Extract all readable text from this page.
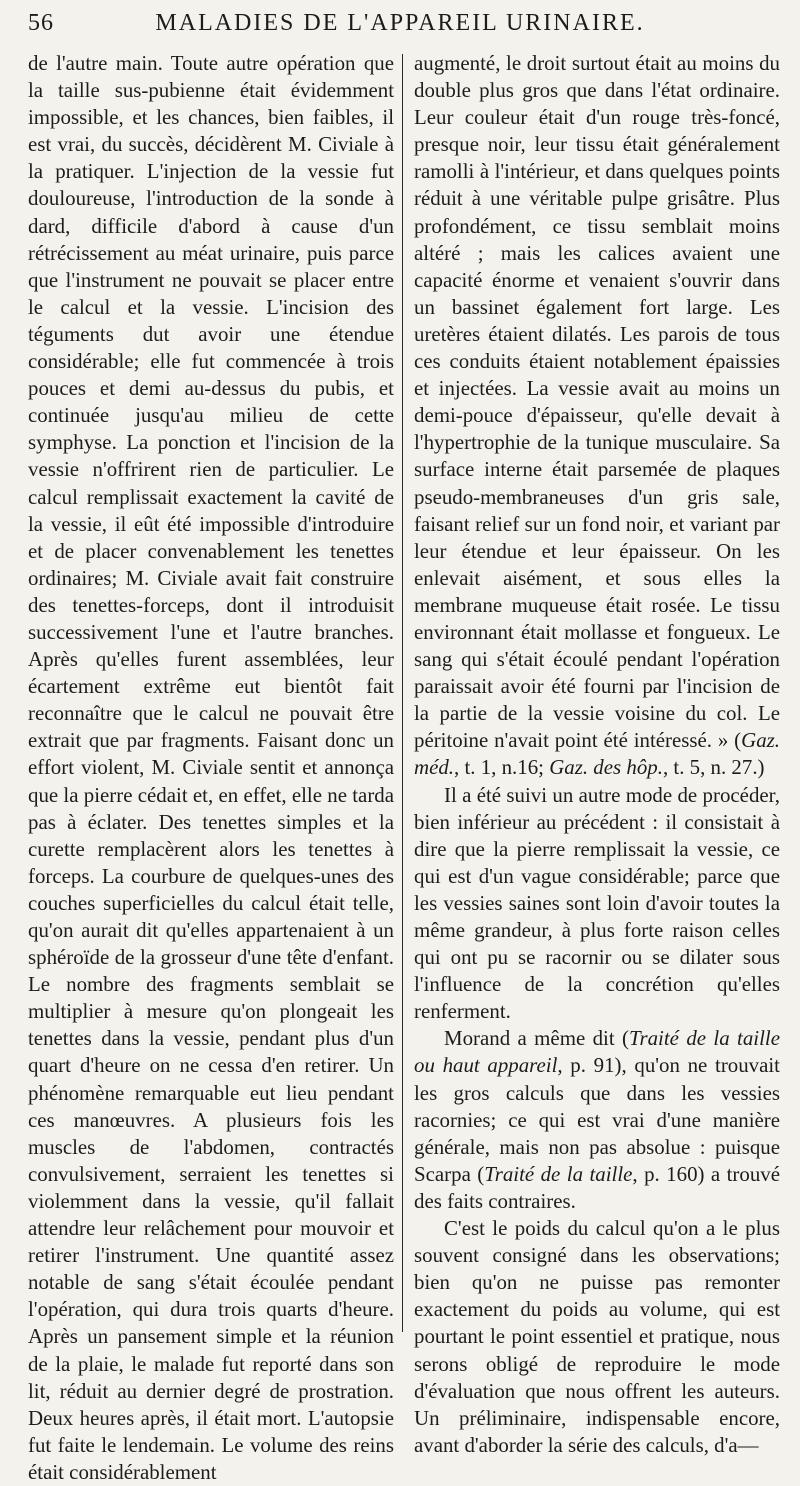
56	MALADIES DE L'APPAREIL URINAIRE.

de l'autre main. Toute autre opération que la taille sus-pubienne était évidemment impossible, et les chances, bien faibles, il est vrai, du succès, décidèrent M. Civiale à la pratiquer. L'injection de la vessie fut douloureuse, l'introduction de la sonde à dard, difficile d'abord à cause d'un rétrécissement au méat urinaire, puis parce que l'instrument ne pouvait se placer entre le calcul et la vessie. L'incision des téguments dut avoir une étendue considérable; elle fut commencée à trois pouces et demi au-dessus du pubis, et continuée jusqu'au milieu de cette symphyse. La ponction et l'incision de la vessie n'offrirent rien de particulier. Le calcul remplissait exactement la cavité de la vessie, il eût été impossible d'introduire et de placer convenablement les tenettes ordinaires; M. Civiale avait fait construire des tenettes-forceps, dont il introduisit successivement l'une et l'autre branches. Après qu'elles furent assemblées, leur écartement extrême eut bientôt fait reconnaître que le calcul ne pouvait être extrait que par fragments. Faisant donc un effort violent, M. Civiale sentit et annonça que la pierre cédait et, en effet, elle ne tarda pas à éclater. Des tenettes simples et la curette remplacèrent alors les tenettes à forceps. La courbure de quelques-unes des couches superficielles du calcul était telle, qu'on aurait dit qu'elles appartenaient à un sphéroïde de la grosseur d'une tête d'enfant. Le nombre des fragments semblait se multiplier à mesure qu'on plongeait les tenettes dans la vessie, pendant plus d'un quart d'heure on ne cessa d'en retirer. Un phénomène remarquable eut lieu pendant ces manœuvres. A plusieurs fois les muscles de l'abdomen, contractés convulsivement, serraient les tenettes si violemment dans la vessie, qu'il fallait attendre leur relâchement pour mouvoir et retirer l'instrument. Une quantité assez notable de sang s'était écoulée pendant l'opération, qui dura trois quarts d'heure. Après un pansement simple et la réunion de la plaie, le malade fut reporté dans son lit, réduit au dernier degré de prostration. Deux heures après, il était mort. L'autopsie fut faite le lendemain. Le volume des reins était considérablement

augmenté, le droit surtout était au moins du double plus gros que dans l'état ordinaire. Leur couleur était d'un rouge très-foncé, presque noir, leur tissu était généralement ramolli à l'intérieur, et dans quelques points réduit à une véritable pulpe grisâtre. Plus profondément, ce tissu semblait moins altéré ; mais les calices avaient une capacité énorme et venaient s'ouvrir dans un bassinet également fort large. Les uretères étaient dilatés. Les parois de tous ces conduits étaient notablement épaissies et injectées. La vessie avait au moins un demi-pouce d'épaisseur, qu'elle devait à l'hypertrophie de la tunique musculaire. Sa surface interne était parsemée de plaques pseudo-membraneuses d'un gris sale, faisant relief sur un fond noir, et variant par leur étendue et leur épaisseur. On les enlevait aisément, et sous elles la membrane muqueuse était rosée. Le tissu environnant était mollasse et fongueux. Le sang qui s'était écoulé pendant l'opération paraissait avoir été fourni par l'incision de la partie de la vessie voisine du col. Le péritoine n'avait point été intéressé. » (Gaz. méd., t. 1, n.16; Gaz. des hôp., t. 5, n. 27.)

Il a été suivi un autre mode de procéder, bien inférieur au précédent : il consistait à dire que la pierre remplissait la vessie, ce qui est d'un vague considérable; parce que les vessies saines sont loin d'avoir toutes la même grandeur, à plus forte raison celles qui ont pu se racornir ou se dilater sous l'influence de la concrétion qu'elles renferment.

Morand a même dit (Traité de la taille ou haut appareil, p. 91), qu'on ne trouvait les gros calculs que dans les vessies racornies; ce qui est vrai d'une manière générale, mais non pas absolue : puisque Scarpa (Traité de la taille, p. 160) a trouvé des faits contraires.

C'est le poids du calcul qu'on a le plus souvent consigné dans les observations; bien qu'on ne puisse pas remonter exactement du poids au volume, qui est pourtant le point essentiel et pratique, nous serons obligé de reproduire le mode d'évaluation que nous offrent les auteurs. Un préliminaire, indispensable encore, avant d'aborder la série des calculs, d'a—
